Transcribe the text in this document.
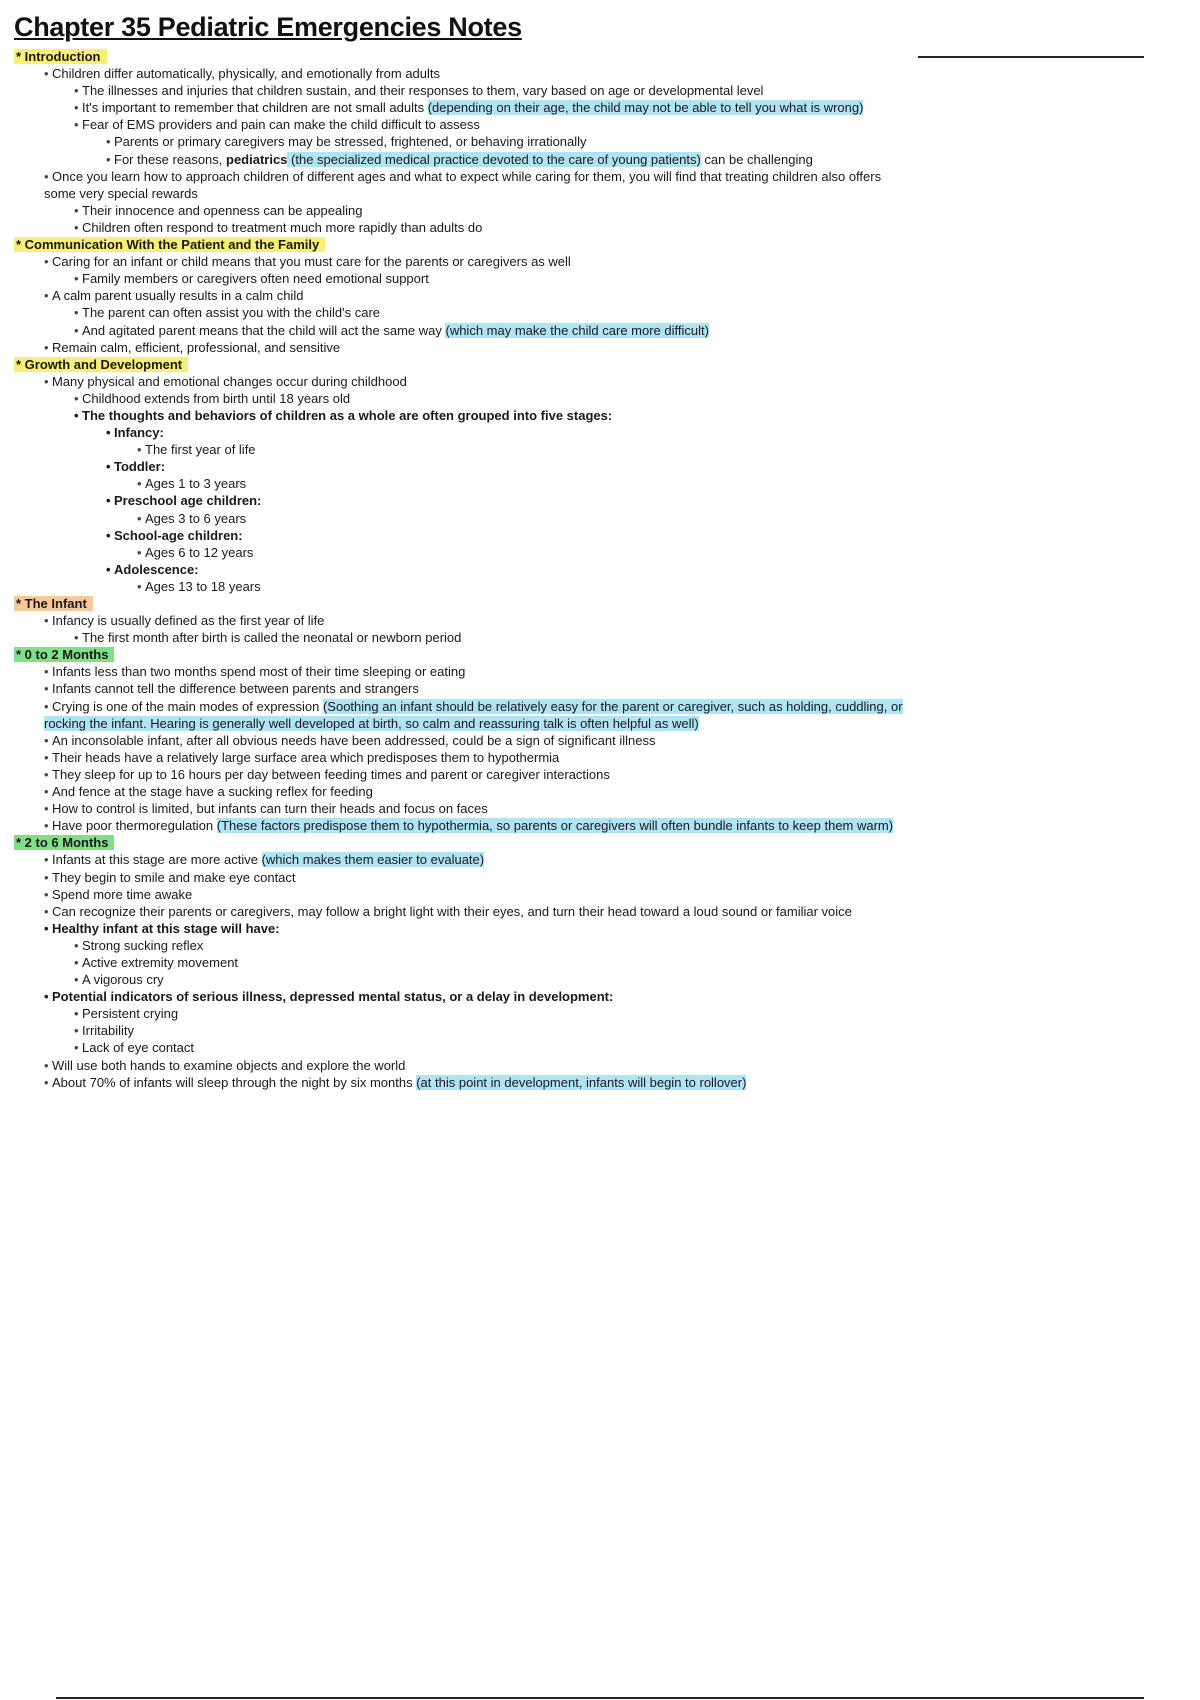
Chapter 35 Pediatric Emergencies Notes
* Introduction
• Children differ automatically, physically, and emotionally from adults
• The illnesses and injuries that children sustain, and their responses to them, vary based on age or developmental level
• It's important to remember that children are not small adults (depending on their age, the child may not be able to tell you what is wrong)
• Fear of EMS providers and pain can make the child difficult to assess
• Parents or primary caregivers may be stressed, frightened, or behaving irrationally
• For these reasons, pediatrics (the specialized medical practice devoted to the care of young patients) can be challenging
• Once you learn how to approach children of different ages and what to expect while caring for them, you will find that treating children also offers some very special rewards
• Their innocence and openness can be appealing
• Children often respond to treatment much more rapidly than adults do
* Communication With the Patient and the Family
• Caring for an infant or child means that you must care for the parents or caregivers as well
• Family members or caregivers often need emotional support
• A calm parent usually results in a calm child
• The parent can often assist you with the child's care
• And agitated parent means that the child will act the same way (which may make the child care more difficult)
• Remain calm, efficient, professional, and sensitive
* Growth and Development
• Many physical and emotional changes occur during childhood
• Childhood extends from birth until 18 years old
• The thoughts and behaviors of children as a whole are often grouped into five stages:
• Infancy:
• The first year of life
• Toddler:
• Ages 1 to 3 years
• Preschool age children:
• Ages 3 to 6 years
• School-age children:
• Ages 6 to 12 years
• Adolescence:
• Ages 13 to 18 years
* The Infant
• Infancy is usually defined as the first year of life
• The first month after birth is called the neonatal or newborn period
* 0 to 2 Months
• Infants less than two months spend most of their time sleeping or eating
• Infants cannot tell the difference between parents and strangers
• Crying is one of the main modes of expression (Soothing an infant should be relatively easy for the parent or caregiver, such as holding, cuddling, or rocking the infant. Hearing is generally well developed at birth, so calm and reassuring talk is often helpful as well)
• An inconsolable infant, after all obvious needs have been addressed, could be a sign of significant illness
• Their heads have a relatively large surface area which predisposes them to hypothermia
• They sleep for up to 16 hours per day between feeding times and parent or caregiver interactions
• And fence at the stage have a sucking reflex for feeding
• How to control is limited, but infants can turn their heads and focus on faces
• Have poor thermoregulation (These factors predispose them to hypothermia, so parents or caregivers will often bundle infants to keep them warm)
* 2 to 6 Months
• Infants at this stage are more active (which makes them easier to evaluate)
• They begin to smile and make eye contact
• Spend more time awake
• Can recognize their parents or caregivers, may follow a bright light with their eyes, and turn their head toward a loud sound or familiar voice
• Healthy infant at this stage will have:
• Strong sucking reflex
• Active extremity movement
• A vigorous cry
• Potential indicators of serious illness, depressed mental status, or a delay in development:
• Persistent crying
• Irritability
• Lack of eye contact
• Will use both hands to examine objects and explore the world
• About 70% of infants will sleep through the night by six months (at this point in development, infants will begin to rollover)
